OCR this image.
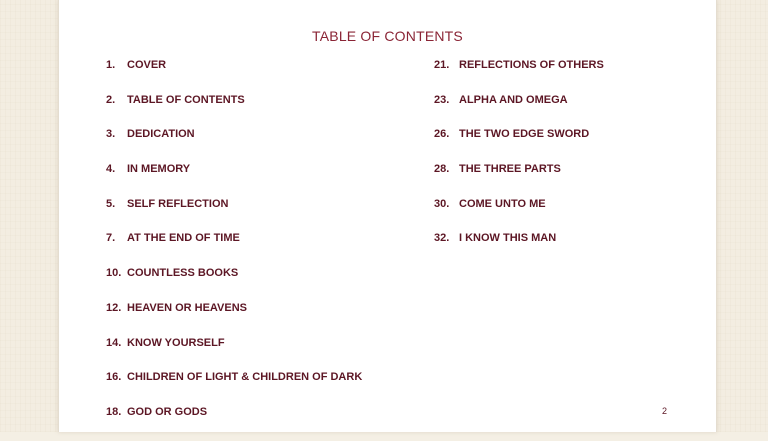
TABLE OF CONTENTS
1.	COVER
2.	TABLE OF CONTENTS
3.	DEDICATION
4.	IN MEMORY
5.	SELF REFLECTION
7.	AT THE END OF TIME
10. COUNTLESS BOOKS
12. HEAVEN OR HEAVENS
14. KNOW YOURSELF
16. CHILDREN OF LIGHT & CHILDREN OF DARK
18. GOD OR GODS
21. REFLECTIONS OF OTHERS
23. ALPHA AND OMEGA
26. THE TWO EDGE SWORD
28. THE THREE PARTS
30. COME UNTO ME
32. I KNOW THIS MAN
2
